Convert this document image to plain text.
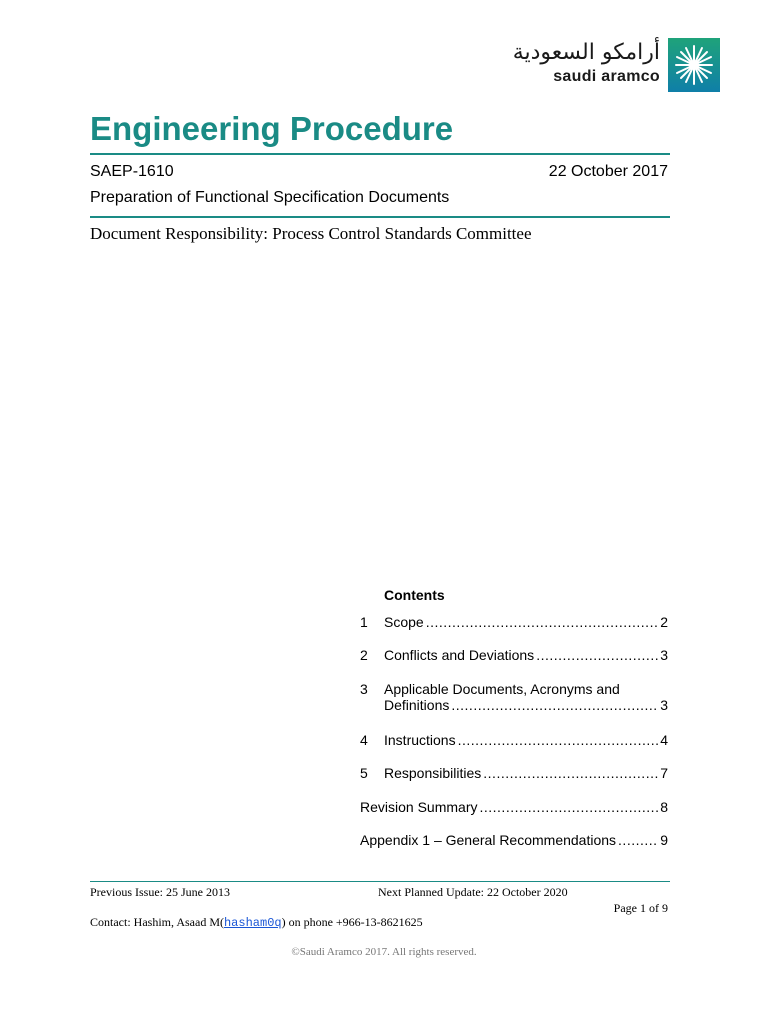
أرامكو السعودية
saudi aramco
Engineering Procedure
SAEP-1610	22 October 2017
Preparation of Functional Specification Documents
Document Responsibility: Process Control Standards Committee
Contents
1	Scope .....	2
2	Conflicts and Deviations .....	3
3	Applicable Documents, Acronyms and
Definitions .....	3
4	Instructions .....	4
5	Responsibilities .....	7
Revision Summary .....	8
Appendix 1 – General Recommendations .....	9
Previous Issue: 25 June 2013	Next Planned Update: 22 October 2020
Page 1 of 9
Contact: Hashim, Asaad M(hasham0q) on phone +966-13-8621625
©Saudi Aramco 2017. All rights reserved.
